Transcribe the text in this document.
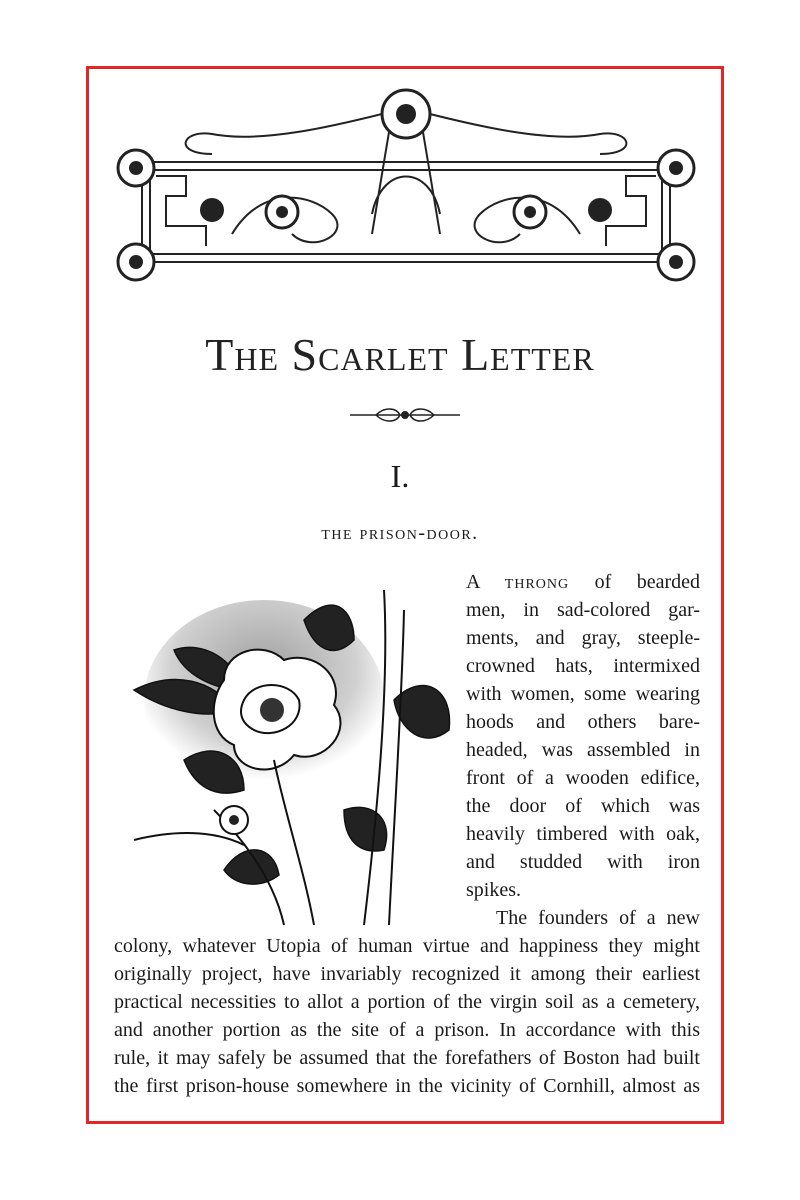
The Scarlet Letter
I.
the prison-door.
A throng of bearded
men, in sad-colored gar-
ments, and gray, steeple-
crowned hats, intermixed
with women, some wearing
hoods and others bare-
headed, was assembled in
front of a wooden edifice,
the door of which was
heavily timbered with oak,
and studded with iron
spikes.
The founders of a new
colony, whatever Utopia of human virtue and happiness they might
originally project, have invariably recognized it among their earliest
practical necessities to allot a portion of the virgin soil as a cemetery,
and another portion as the site of a prison. In accordance with this
rule, it may safely be assumed that the forefathers of Boston had built
the first prison-house somewhere in the vicinity of Cornhill, almost as
